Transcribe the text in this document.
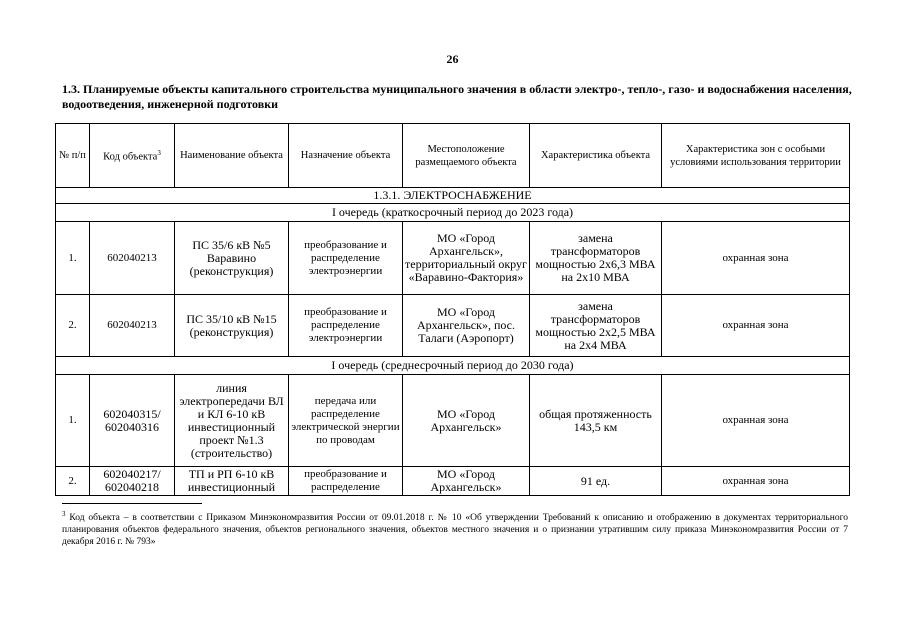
26
1.3. Планируемые объекты капитального строительства муниципального значения в области электро-, тепло-, газо- и водоснабжения населения, водоотведения, инженерной подготовки
№ п/п	Код объекта$^3$	Наименование объекта	Назначение объекта	Местоположение размещаемого объекта	Характеристика объекта	Характеристика зон с особыми условиями использования территории
1.3.1. ЭЛЕКТРОСНАБЖЕНИЕ						
I очередь (краткосрочный период до 2023 года)						
1.	602040213	ПС 35/6 кВ №5 Варавино (реконструкция)	преобразование и распределение электроэнергии	МО «Город Архангельск», территориальный округ «Варавино-Фактория»	замена трансформаторов мощностью 2х6,3 МВА на 2х10 МВА	охранная зона
2.	602040213	ПС 35/10 кВ №15 (реконструкция)	преобразование и распределение электроэнергии	МО «Город Архангельск», пос. Талаги (Аэропорт)	замена трансформаторов мощностью 2х2,5 МВА на 2х4 МВА	охранная зона
I очередь (среднесрочный период до 2030 года)						
1.	602040315/ 602040316	линия электропередачи ВЛ и КЛ 6-10 кВ инвестиционный проект №1.3 (строительство)	передача или распределение электрической энергии по проводам	МО «Город Архангельск»	общая протяженность 143,5 км	охранная зона
2.	602040217/ 602040218	ТП и РП 6-10 кВ инвестиционный	преобразование и распределение	МО «Город Архангельск»	91 ед.	охранная зона
$^3$ Код объекта – в соответствии с Приказом Минэкономразвития России от 09.01.2018 г. № 10 «Об утверждении Требований к описанию и отображению в документах территориального планирования объектов федерального значения, объектов регионального значения, объектов местного значения и о признании утратившим силу приказа Минэкономразвития России от 7 декабря 2016 г. № 793»
